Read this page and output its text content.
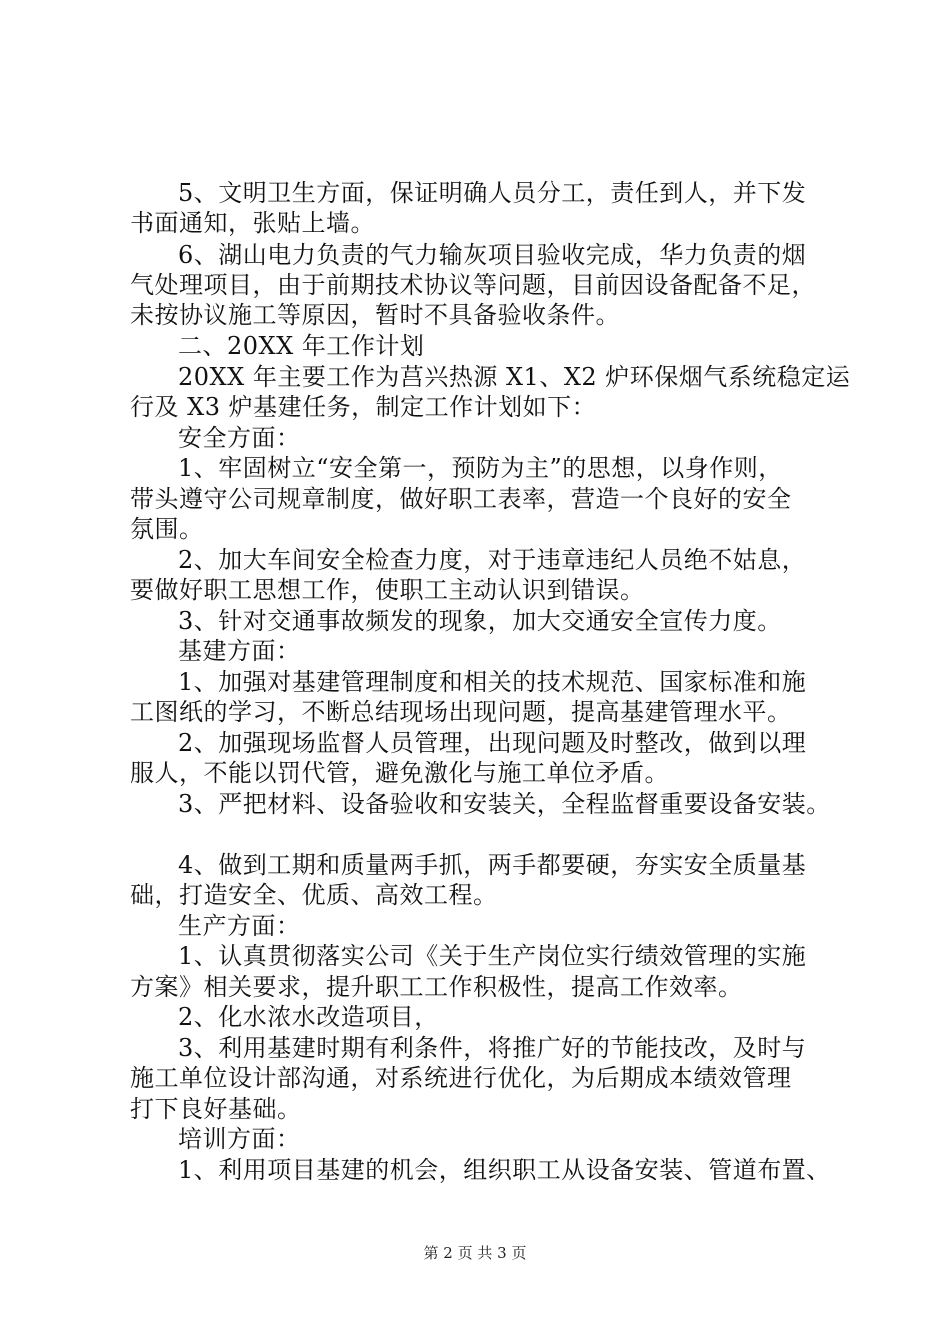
5、文明卫生方面，保证明确人员分工，责任到人，并下发
书面通知，张贴上墙。
6、湖山电力负责的气力输灰项目验收完成，华力负责的烟
气处理项目，由于前期技术协议等问题，目前因设备配备不足，
未按协议施工等原因，暂时不具备验收条件。
二、20XX 年工作计划
20XX 年主要工作为莒兴热源 X1、X2 炉环保烟气系统稳定运
行及 X3 炉基建任务，制定工作计划如下：
安全方面：
1、牢固树立“安全第一，预防为主”的思想，以身作则，
带头遵守公司规章制度，做好职工表率，营造一个良好的安全
氛围。
2、加大车间安全检查力度，对于违章违纪人员绝不姑息，
要做好职工思想工作，使职工主动认识到错误。
3、针对交通事故频发的现象，加大交通安全宣传力度。
基建方面：
1、加强对基建管理制度和相关的技术规范、国家标准和施
工图纸的学习，不断总结现场出现问题，提高基建管理水平。
2、加强现场监督人员管理，出现问题及时整改，做到以理
服人，不能以罚代管，避免激化与施工单位矛盾。
3、严把材料、设备验收和安装关，全程监督重要设备安装。
4、做到工期和质量两手抓，两手都要硬，夯实安全质量基
础，打造安全、优质、高效工程。
生产方面：
1、认真贯彻落实公司《关于生产岗位实行绩效管理的实施
方案》相关要求，提升职工工作积极性，提高工作效率。
2、化水浓水改造项目，
3、利用基建时期有利条件，将推广好的节能技改，及时与
施工单位设计部沟通，对系统进行优化，为后期成本绩效管理
打下良好基础。
培训方面：
1、利用项目基建的机会，组织职工从设备安装、管道布置、
第 2 页 共 3 页
